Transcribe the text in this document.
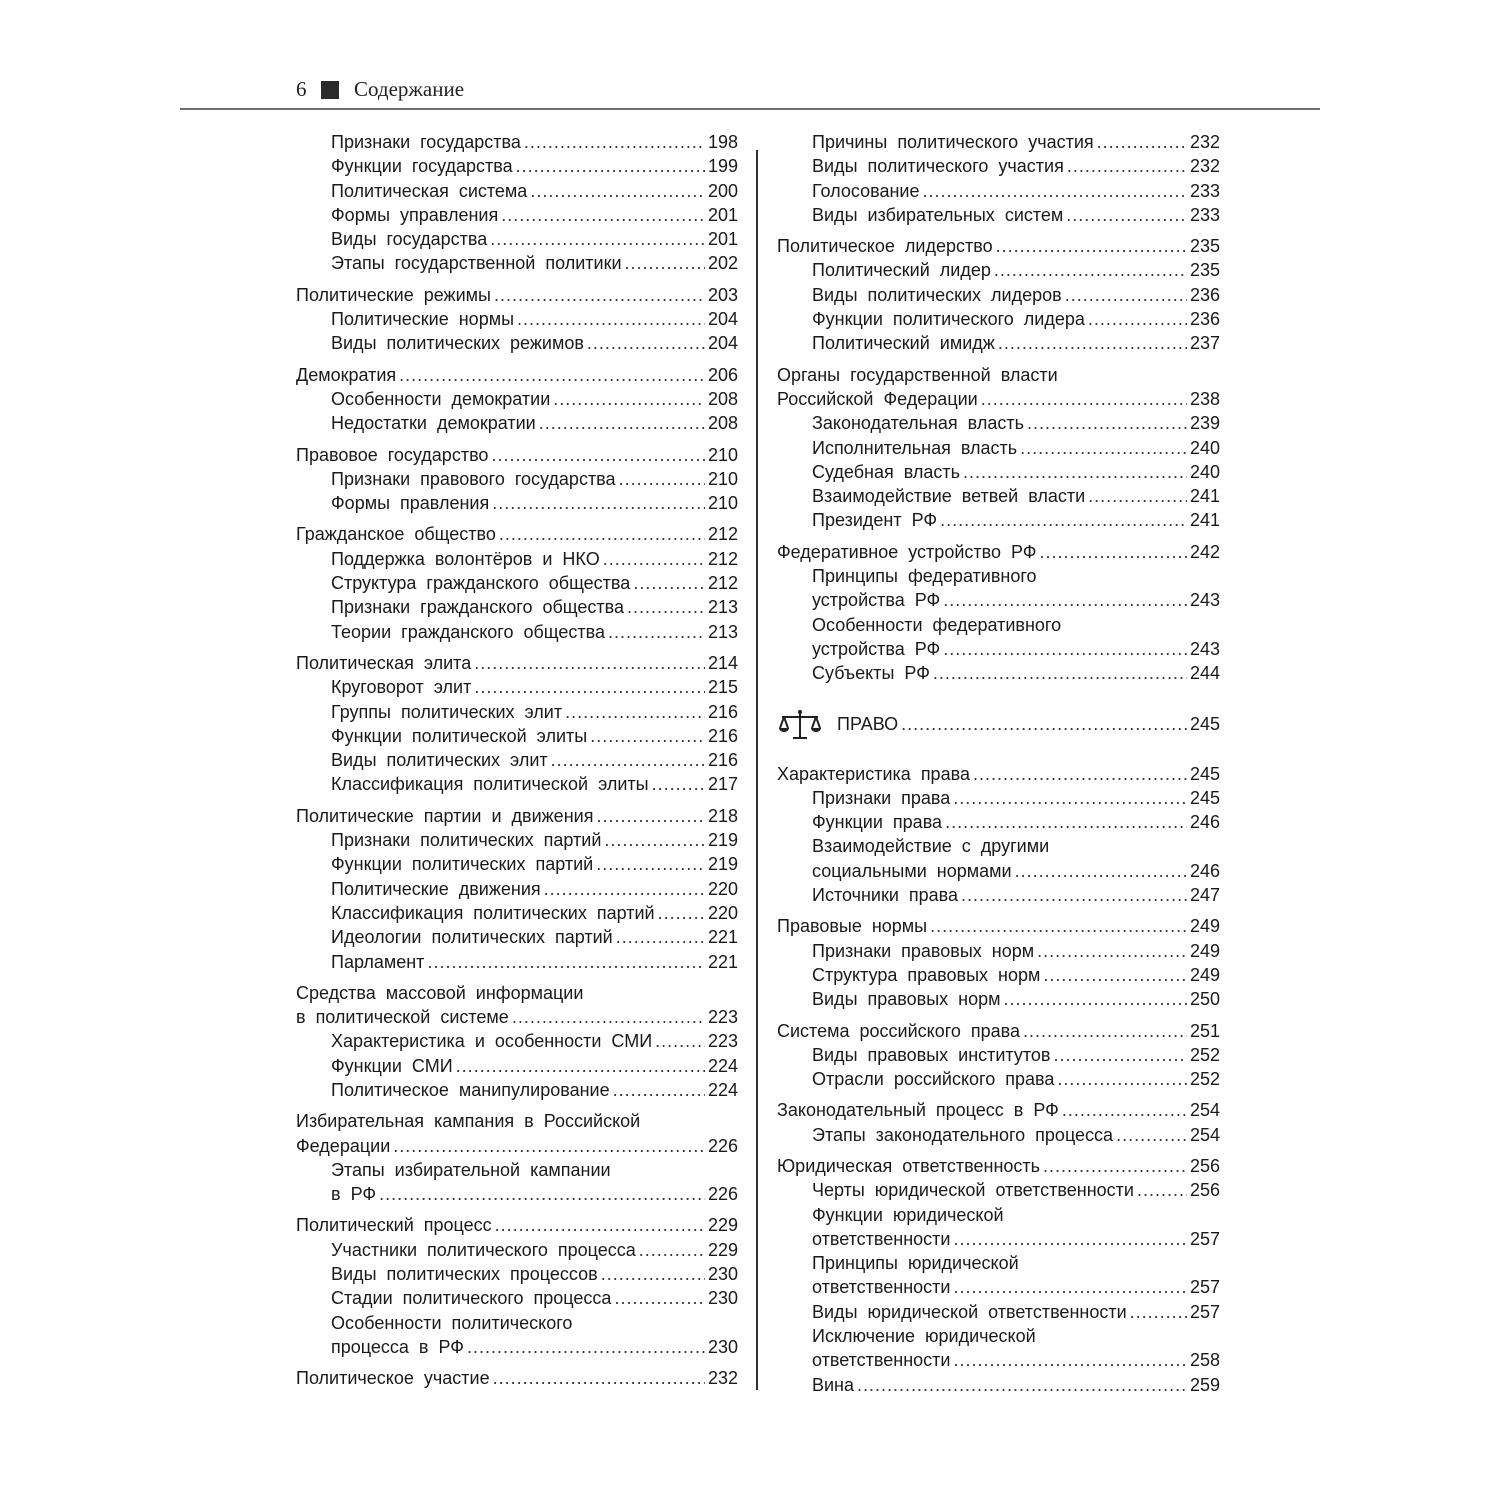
6 Содержание
Признаки государства .....	198
Функции государства .....	199
Политическая система .....	200
Формы управления .....	201
Виды государства .....	201
Этапы государственной политики .....	202
Политические режимы .....	203
Политические нормы .....	204
Виды политических режимов .....	204
Демократия .....	206
Особенности демократии .....	208
Недостатки демократии .....	208
Правовое государство .....	210
Признаки правового государства .....	210
Формы правления .....	210
Гражданское общество .....	212
Поддержка волонтёров и НКО .....	212
Структура гражданского общества .....	212
Признаки гражданского общества .....	213
Теории гражданского общества .....	213
Политическая элита .....	214
Круговорот элит .....	215
Группы политических элит .....	216
Функции политической элиты .....	216
Виды политических элит .....	216
Классификация политической элиты .....	217
Политические партии и движения .....	218
Признаки политических партий .....	219
Функции политических партий .....	219
Политические движения .....	220
Классификация политических партий .....	220
Идеологии политических партий .....	221
Парламент .....	221
Средства массовой информации
в политической системе .....	223
Характеристика и особенности СМИ .....	223
Функции СМИ .....	224
Политическое манипулирование .....	224
Избирательная кампания в Российской
Федерации .....	226
Этапы избирательной кампании
в РФ .....	226
Политический процесс .....	229
Участники политического процесса .....	229
Виды политических процессов .....	230
Стадии политического процесса .....	230
Особенности политического
процесса в РФ .....	230
Политическое участие .....	232
Причины политического участия .....	232
Виды политического участия .....	232
Голосование .....	233
Виды избирательных систем .....	233
Политическое лидерство .....	235
Политический лидер .....	235
Виды политических лидеров .....	236
Функции политического лидера .....	236
Политический имидж .....	237
Органы государственной власти
Российской Федерации .....	238
Законодательная власть .....	239
Исполнительная власть .....	240
Судебная власть .....	240
Взаимодействие ветвей власти .....	241
Президент РФ .....	241
Федеративное устройство РФ .....	242
Принципы федеративного
устройства РФ .....	243
Особенности федеративного
устройства РФ .....	243
Субъекты РФ .....	244
ПРАВО .....	245
Характеристика права .....	245
Признаки права .....	245
Функции права .....	246
Взаимодействие с другими
социальными нормами .....	246
Источники права .....	247
Правовые нормы .....	249
Признаки правовых норм .....	249
Структура правовых норм .....	249
Виды правовых норм .....	250
Система российского права .....	251
Виды правовых институтов .....	252
Отрасли российского права .....	252
Законодательный процесс в РФ .....	254
Этапы законодательного процесса .....	254
Юридическая ответственность .....	256
Черты юридической ответственности .....	256
Функции юридической
ответственности .....	257
Принципы юридической
ответственности .....	257
Виды юридической ответственности .....	257
Исключение юридической
ответственности .....	258
Вина .....	259
